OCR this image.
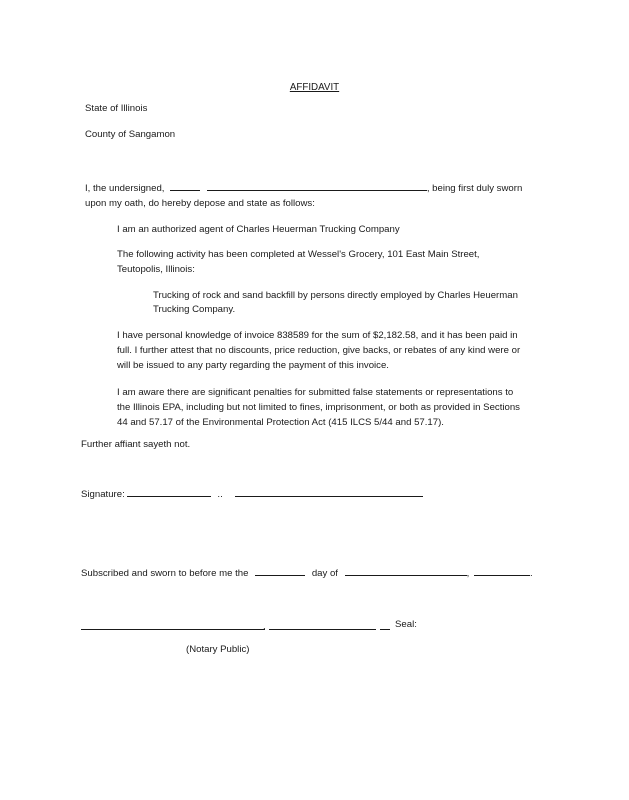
AFFIDAVIT
State of Illinois
County of Sangamon
I, the undersigned,	, being first duly sworn
upon my oath, do hereby depose and state as follows:
I am an authorized agent of Charles Heuerman Trucking Company
The following activity has been completed at Wessel's Grocery, 101 East Main Street,
Teutopolis, Illinois:
Trucking of rock and sand backfill by persons directly employed by Charles Heuerman
Trucking Company.
I have personal knowledge of invoice 838589 for the sum of $2,182.58, and it has been paid in
full. I further attest that no discounts, price reduction, give backs, or rebates of any kind were or
will be issued to any party regarding the payment of this invoice.
I am aware there are significant penalties for submitted false statements or representations to
the Illinois EPA, including but not limited to fines, imprisonment, or both as provided in Sections
44 and 57.17 of the Environmental Protection Act (415 ILCS 5/44 and 57.17).
Further affiant sayeth not.
Signature:	..
Subscribed and sworn to before me the	day of	,	.
.	Seal:
(Notary Public)
